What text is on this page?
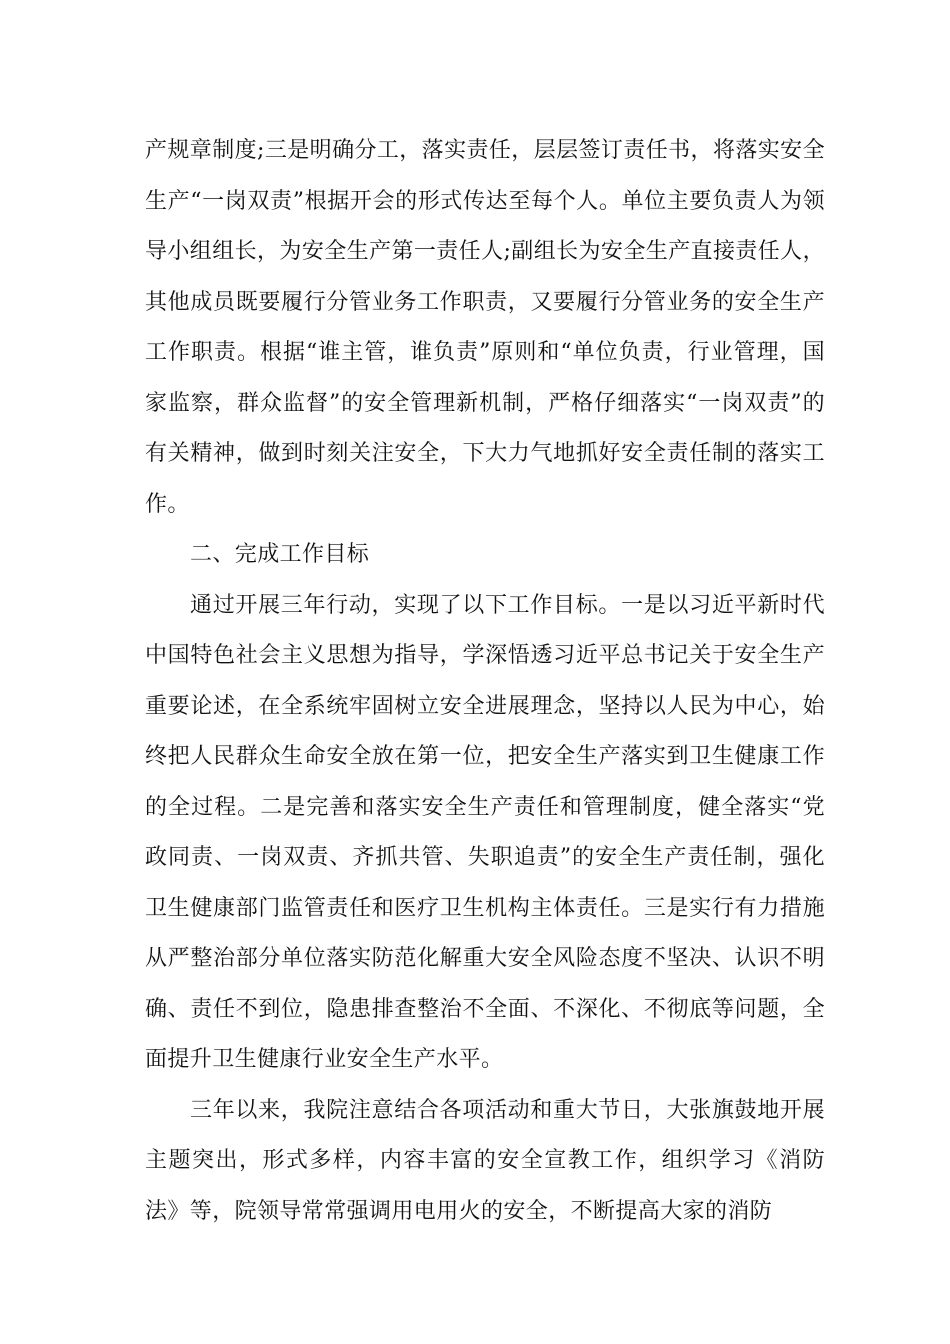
产规章制度;三是明确分工，落实责任，层层签订责任书，将落实安全生产“一岗双责”根据开会的形式传达至每个人。单位主要负责人为领导小组组长，为安全生产第一责任人;副组长为安全生产直接责任人，其他成员既要履行分管业务工作职责，又要履行分管业务的安全生产工作职责。根据“谁主管，谁负责”原则和“单位负责，行业管理，国家监察，群众监督”的安全管理新机制，严格仔细落实“一岗双责”的有关精神，做到时刻关注安全，下大力气地抓好安全责任制的落实工作。

二、完成工作目标

通过开展三年行动，实现了以下工作目标。一是以习近平新时代中国特色社会主义思想为指导，学深悟透习近平总书记关于安全生产重要论述，在全系统牢固树立安全进展理念，坚持以人民为中心，始终把人民群众生命安全放在第一位，把安全生产落实到卫生健康工作的全过程。二是完善和落实安全生产责任和管理制度，健全落实“党政同责、一岗双责、齐抓共管、失职追责”的安全生产责任制，强化卫生健康部门监管责任和医疗卫生机构主体责任。三是实行有力措施从严整治部分单位落实防范化解重大安全风险态度不坚决、认识不明确、责任不到位，隐患排查整治不全面、不深化、不彻底等问题，全面提升卫生健康行业安全生产水平。

三年以来，我院注意结合各项活动和重大节日，大张旗鼓地开展主题突出，形式多样，内容丰富的安全宣教工作，组织学习《消防法》等，院领导常常强调用电用火的安全，不断提高大家的消防
